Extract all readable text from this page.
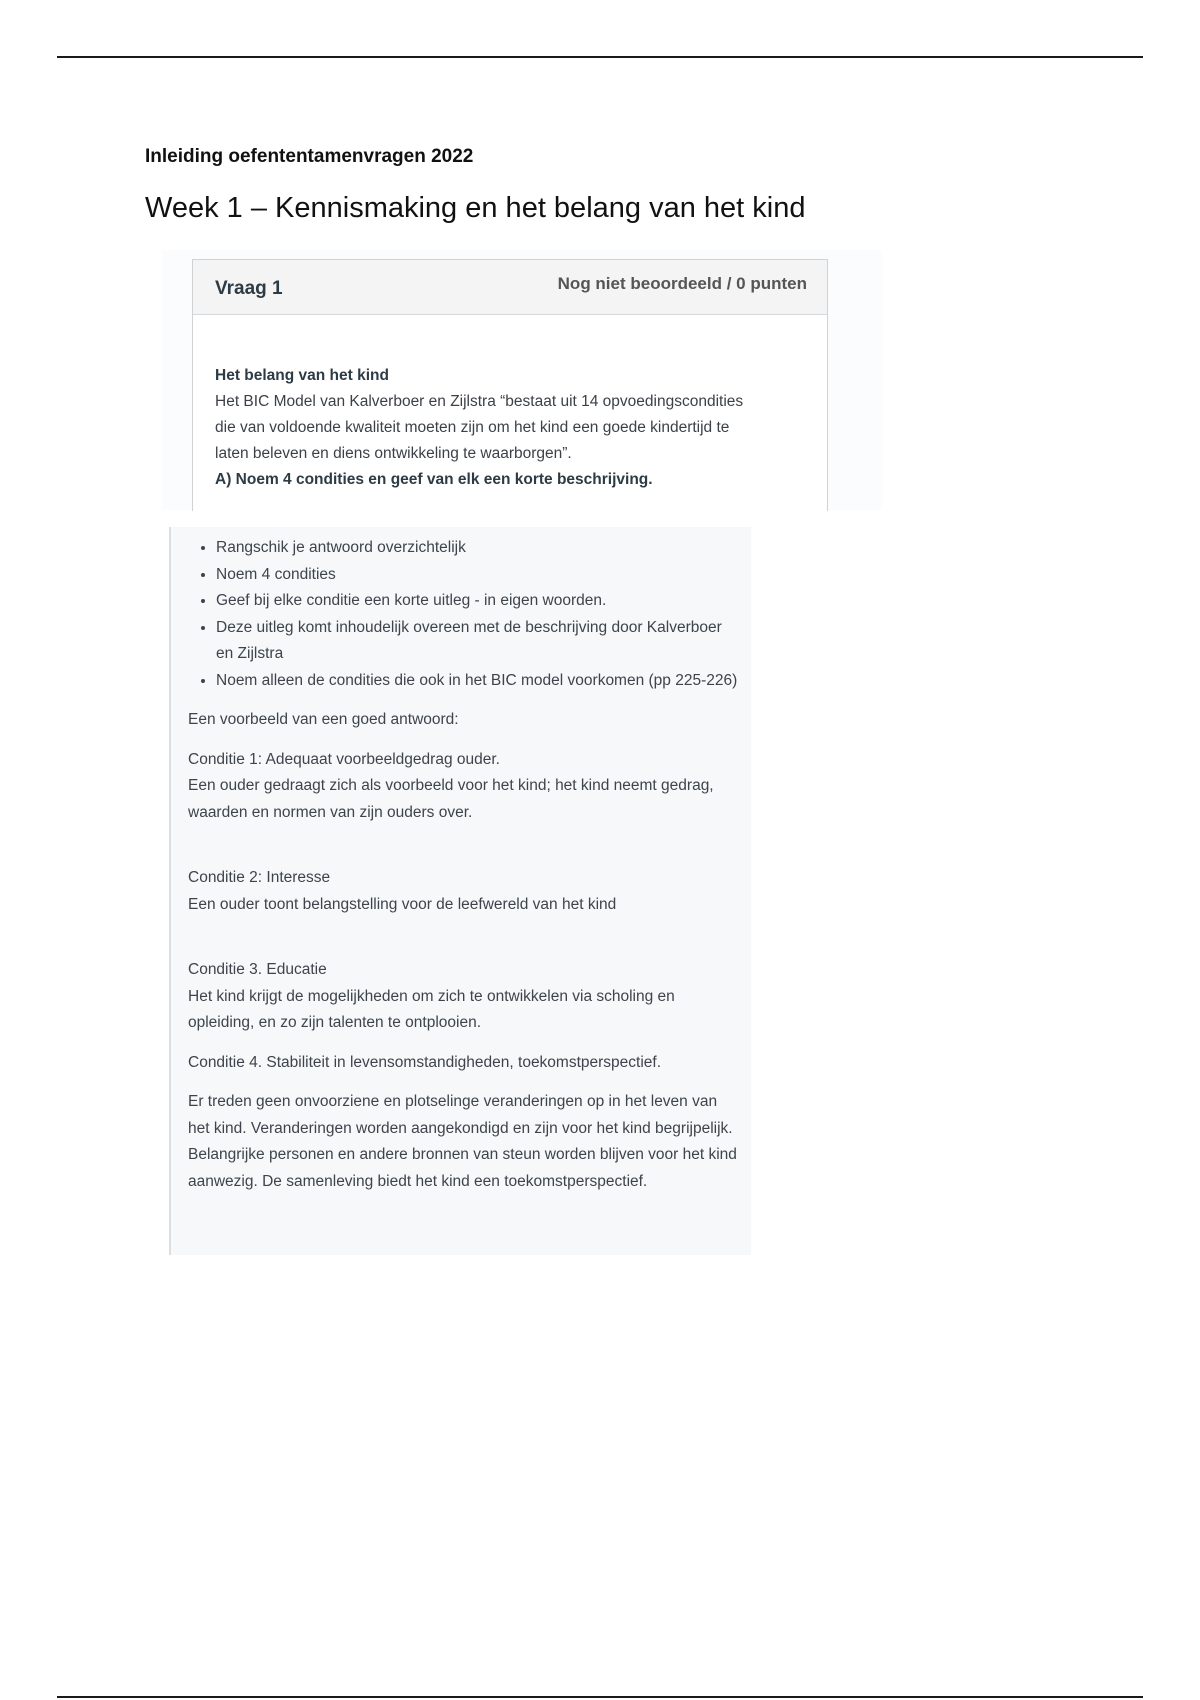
Inleiding oefententamenvragen 2022
Week 1 – Kennismaking en het belang van het kind
Vraag 1	Nog niet beoordeeld / 0 punten
Het belang van het kind
Het BIC Model van Kalverboer en Zijlstra “bestaat uit 14 opvoedingscondities
die van voldoende kwaliteit moeten zijn om het kind een goede kindertijd te
laten beleven en diens ontwikkeling te waarborgen”.
A) Noem 4 condities en geef van elk een korte beschrijving.
• Rangschik je antwoord overzichtelijk
• Noem 4 condities
• Geef bij elke conditie een korte uitleg - in eigen woorden.
• Deze uitleg komt inhoudelijk overeen met de beschrijving door Kalverboer en Zijlstra
• Noem alleen de condities die ook in het BIC model voorkomen (pp 225-226)

Een voorbeeld van een goed antwoord:

Conditie 1: Adequaat voorbeeldgedrag ouder.

Een ouder gedraagt zich als voorbeeld voor het kind; het kind neemt gedrag, waarden en normen van zijn ouders over.

Conditie 2: Interesse

Een ouder toont belangstelling voor de leefwereld van het kind

Conditie 3. Educatie

Het kind krijgt de mogelijkheden om zich te ontwikkelen via scholing en opleiding, en zo zijn talenten te ontplooien.

Conditie 4. Stabiliteit in levensomstandigheden, toekomstperspectief.

Er treden geen onvoorziene en plotselinge veranderingen op in het leven van het kind. Veranderingen worden aangekondigd en zijn voor het kind begrijpelijk. Belangrijke personen en andere bronnen van steun worden blijven voor het kind aanwezig. De samenleving biedt het kind een toekomstperspectief.
